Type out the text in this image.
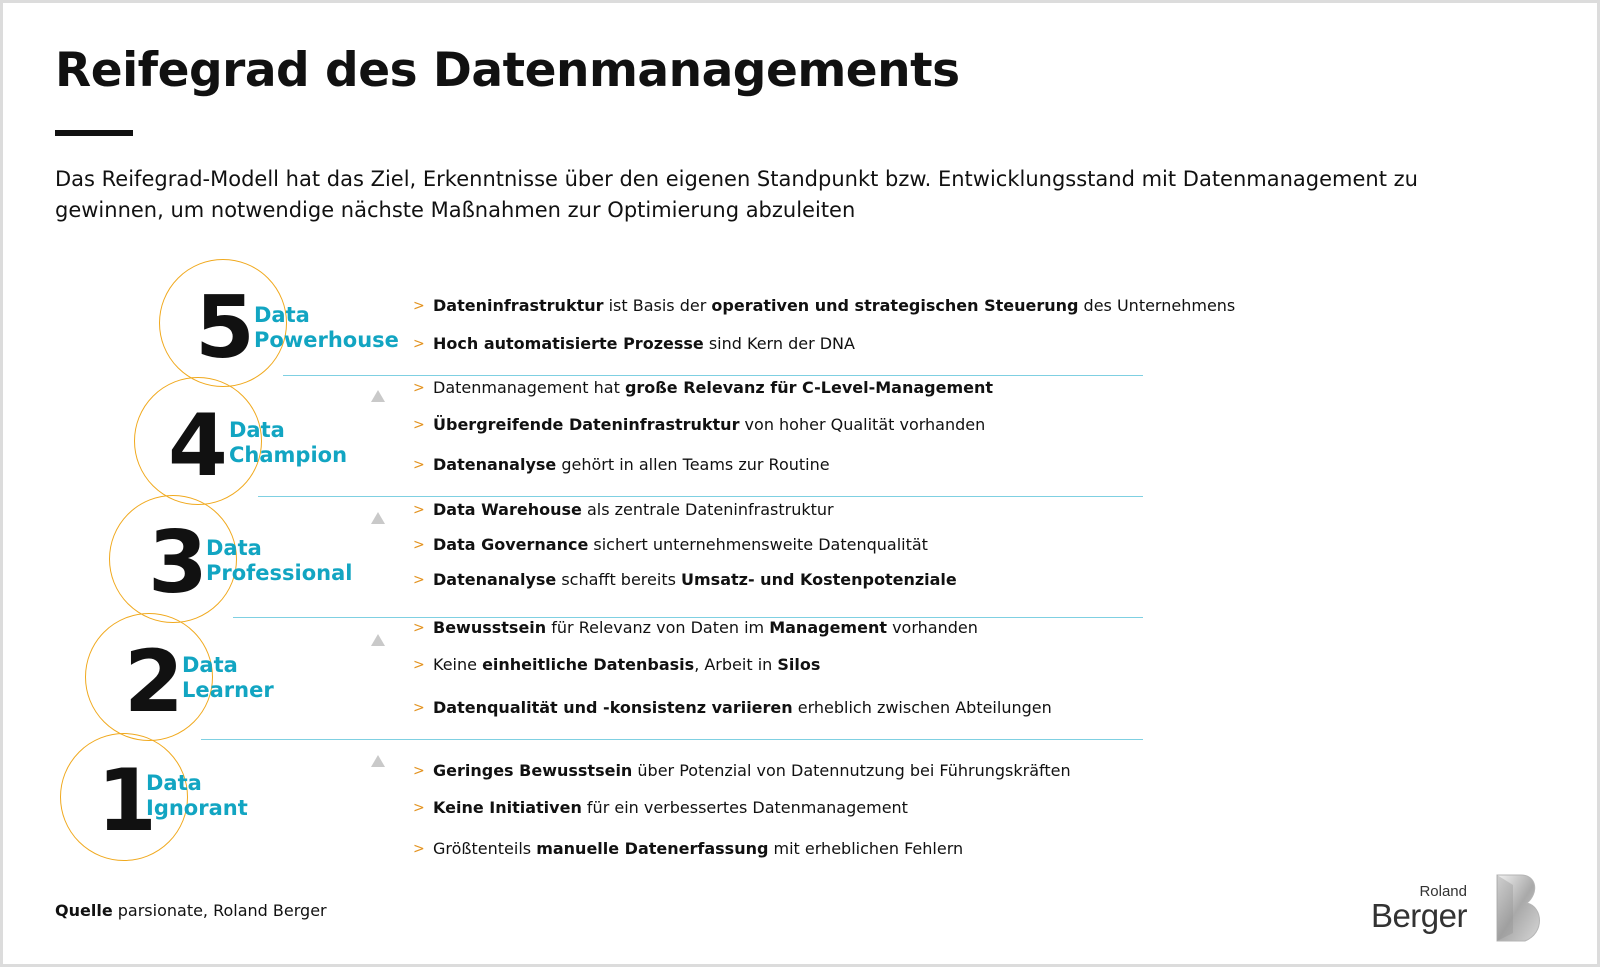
Reifegrad des Datenmanagements

Das Reifegrad-Modell hat das Ziel, Erkenntnisse über den eigenen Standpunkt bzw. Entwicklungsstand mit Datenmanagement zu gewinnen, um notwendige nächste Maßnahmen zur Optimierung abzuleiten

5 Data
Powerhouse
4 Data
Champion
3 Data
Professional
2 Data
Learner
1
Data
Ignorant
> Dateninfrastruktur ist Basis der operativen und strategischen Steuerung des Unternehmens
> Hoch automatisierte Prozesse sind Kern der DNA
> Datenmanagement hat große Relevanz für C-Level-Management
> Übergreifende Dateninfrastruktur von hoher Qualität vorhanden
> Datenanalyse gehört in allen Teams zur Routine
> Data Warehouse als zentrale Dateninfrastruktur
> Data Governance sichert unternehmensweite Datenqualität
> Datenanalyse schafft bereits Umsatz- und Kostenpotenziale
> Bewusstsein für Relevanz von Daten im Management vorhanden
> Keine einheitliche Datenbasis, Arbeit in Silos
> Datenqualität und -konsistenz variieren erheblich zwischen Abteilungen
> Geringes Bewusstsein über Potenzial von Datennutzung bei Führungskräften
> Keine Initiativen für ein verbessertes Datenmanagement
> Größtenteils manuelle Datenerfassung mit erheblichen Fehlern

Quelle parsionate, Roland Berger

Roland
Berger
